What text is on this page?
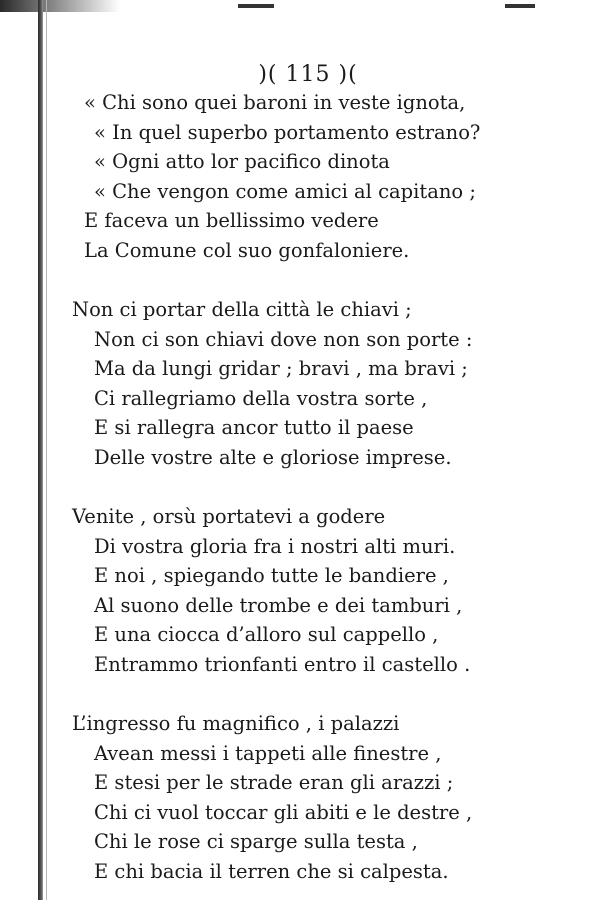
)( 115 )(
« Chi sono quei baroni in veste ignota,
« In quel superbo portamento estrano?
« Ogni atto lor pacifico dinota
« Che vengon come amici al capitano ;
E faceva un bellissimo vedere
La Comune col suo gonfaloniere.
Non ci portar della città le chiavi ;
Non ci son chiavi dove non son porte :
Ma da lungi gridar ; bravi , ma bravi ;
Ci rallegriamo della vostra sorte ,
E si rallegra ancor tutto il paese
Delle vostre alte e gloriose imprese.
Venite , orsù portatevi a godere
Di vostra gloria fra i nostri alti muri.
E noi , spiegando tutte le bandiere ,
Al suono delle trombe e dei tamburi ,
E una ciocca d’alloro sul cappello ,
Entrammo trionfanti entro il castello .
L’ingresso fu magnifico , i palazzi
Avean messi i tappeti alle finestre ,
E stesi per le strade eran gli arazzi ;
Chi ci vuol toccar gli abiti e le destre ,
Chi le rose ci sparge sulla testa ,
E chi bacia il terren che si calpesta.
